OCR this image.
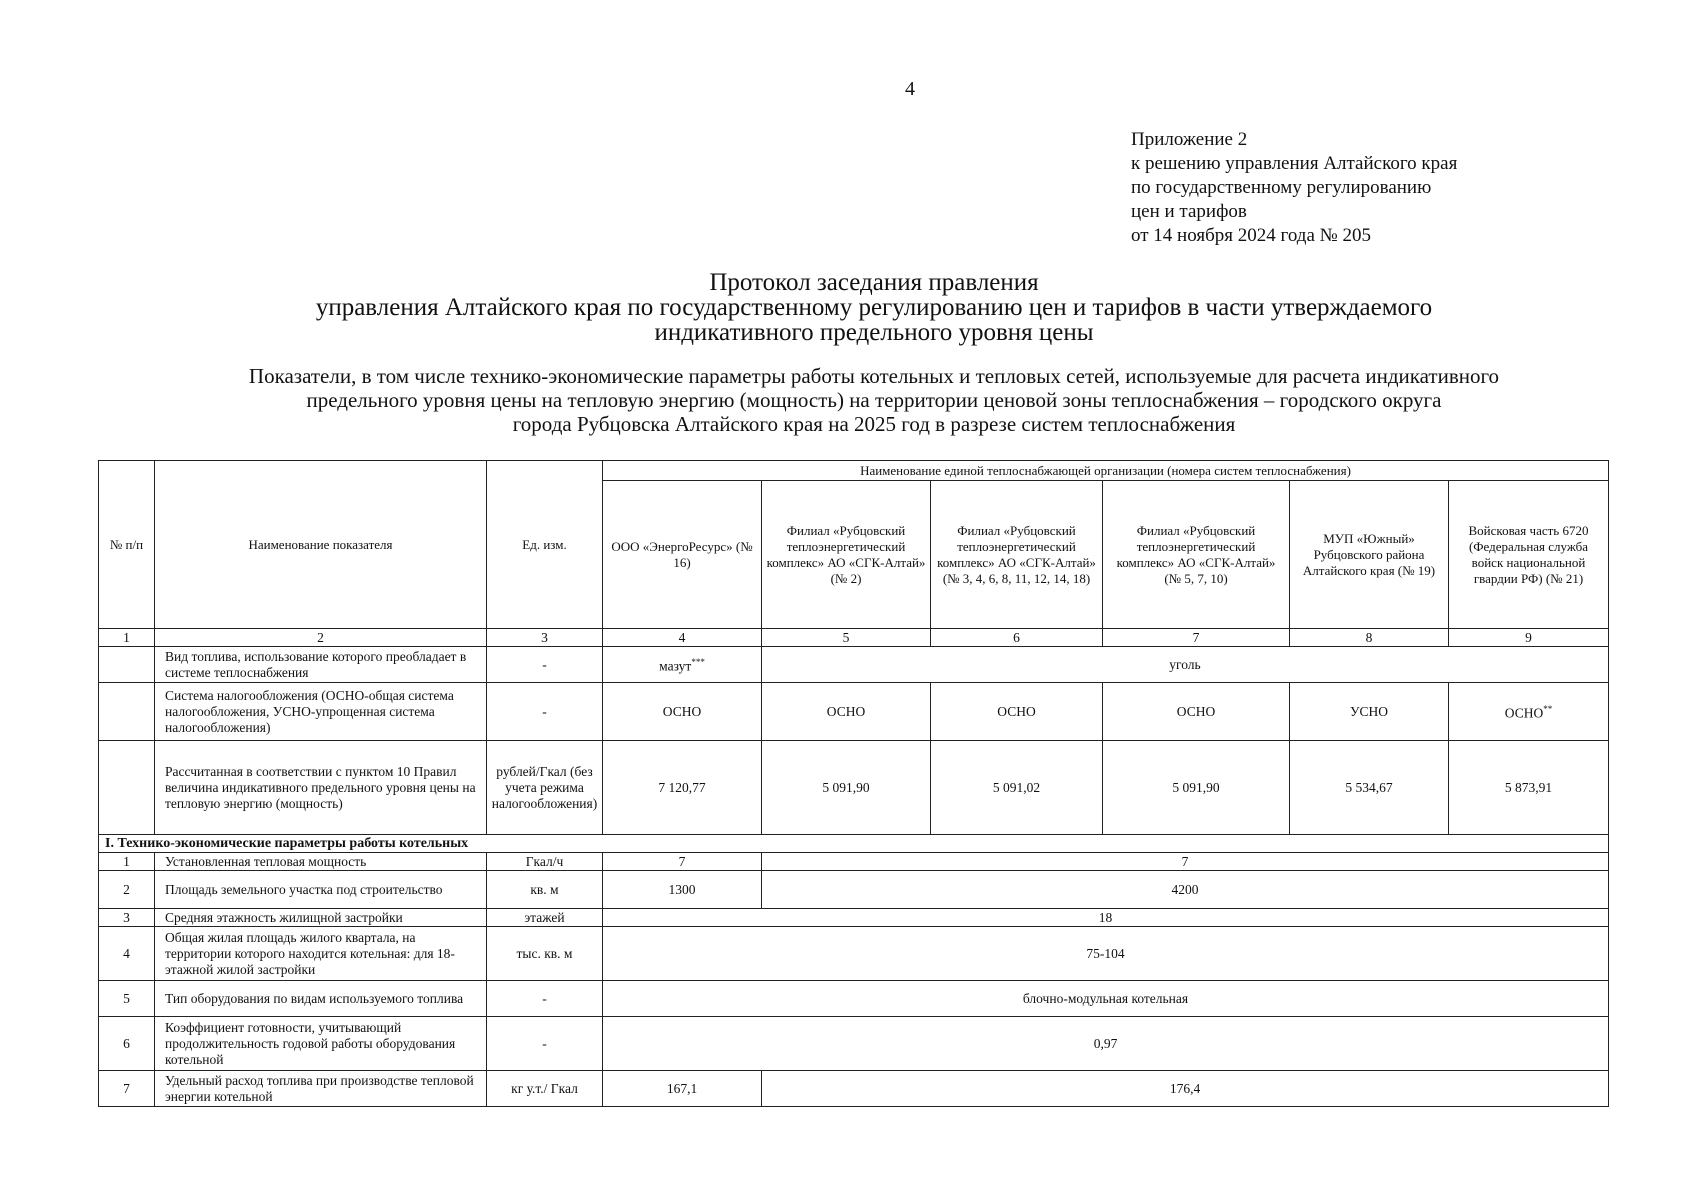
4
Приложение 2
к решению управления Алтайского края
по государственному регулированию
цен и тарифов
от 14 ноября 2024 года № 205
Протокол заседания правления
управления Алтайского края по государственному регулированию цен и тарифов в части утверждаемого
индикативного предельного уровня цены
Показатели, в том числе технико-экономические параметры работы котельных и тепловых сетей, используемые для расчета индикативного
предельного уровня цены на тепловую энергию (мощность) на территории ценовой зоны теплоснабжения – городского округа
города Рубцовска Алтайского края на 2025 год в разрезе систем теплоснабжения
№ п/п	Наименование показателя	Ед. изм.	Наименование единой теплоснабжающей организации (номера систем теплоснабжения)					
			ООО «ЭнергоРесурс» (№ 16)	Филиал «Рубцовский теплоэнергетический комплекс» АО «СГК-Алтай» (№ 2)	Филиал «Рубцовский теплоэнергетический комплекс» АО «СГК-Алтай» (№ 3, 4, 6, 8, 11, 12, 14, 18)	Филиал «Рубцовский теплоэнергетический комплекс» АО «СГК-Алтай» (№ 5, 7, 10)	МУП «Южный» Рубцовского района Алтайского края (№ 19)	Войсковая часть 6720 (Федеральная служба войск национальной гвардии РФ) (№ 21)
1	2	3	4	5	6	7	8	9
	Вид топлива, использование которого преобладает в системе теплоснабжения	-	мазут***	уголь				
	Система налогообложения (ОСНО-общая система налогообложения, УСНО-упрощенная система налогообложения)	-	ОСНО	ОСНО	ОСНО	ОСНО	УСНО	ОСНО**
	Рассчитанная в соответствии с пунктом 10 Правил величина индикативного предельного уровня цены на тепловую энергию (мощность)	рублей/Гкал (без учета режима налогообложения)	7 120,77	5 091,90	5 091,02	5 091,90	5 534,67	5 873,91
I. Технико-экономические параметры работы котельных								
1	Установленная тепловая мощность	Гкал/ч	7	7				
2	Площадь земельного участка под строительство	кв. м	1300	4200				
3	Средняя этажность жилищной застройки	этажей	18					
4	Общая жилая площадь жилого квартала, на территории которого находится котельная: для 18-этажной жилой застройки	тыс. кв. м	75-104					
5	Тип оборудования по видам используемого топлива	-	блочно-модульная котельная					
6	Коэффициент готовности, учитывающий продолжительность годовой работы оборудования котельной	-	0,97					
7	Удельный расход топлива при производстве тепловой энергии котельной	кг у.т./ Гкал	167,1	176,4				
